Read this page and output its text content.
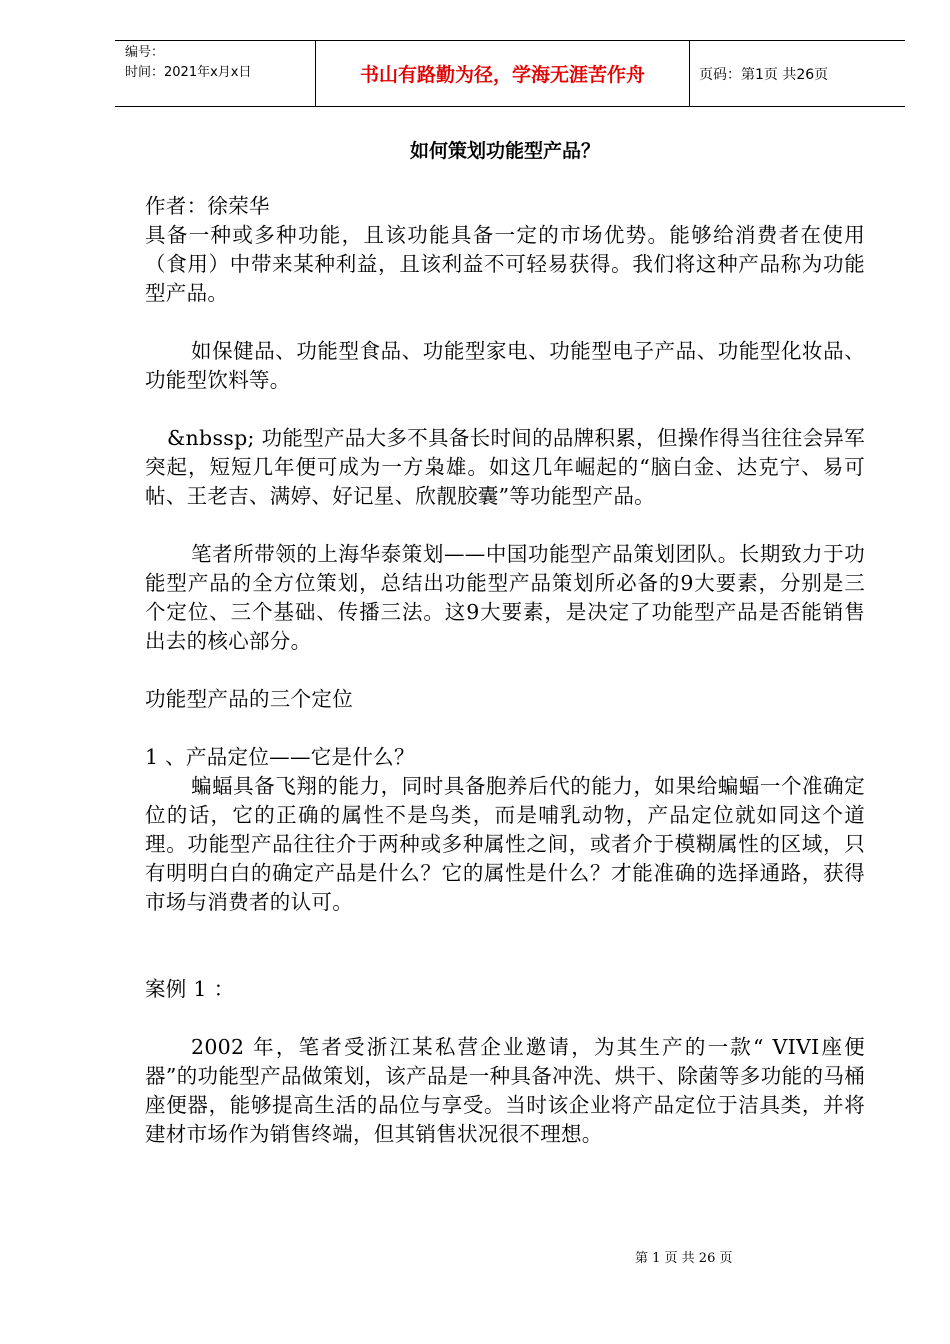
编号：
时间：2021年x月x日	书山有路勤为径，学海无涯苦作舟	页码：第1页 共26页
如何策划功能型产品？

作者：徐荣华

具备一种或多种功能，且该功能具备一定的市场优势。能够给消费者在使用（食用）中带来某种利益，且该利益不可轻易获得。我们将这种产品称为功能型产品。

如保健品、功能型食品、功能型家电、功能型电子产品、功能型化妆品、功能型饮料等。

&nbssp; 功能型产品大多不具备长时间的品牌积累，但操作得当往往会异军突起，短短几年便可成为一方枭雄。如这几年崛起的“脑白金、达克宁、易可帖、王老吉、满婷、好记星、欣靓胶囊”等功能型产品。

笔者所带领的上海华泰策划——中国功能型产品策划团队。长期致力于功能型产品的全方位策划，总结出功能型产品策划所必备的9大要素，分别是三个定位、三个基础、传播三法。这9大要素，是决定了功能型产品是否能销售出去的核心部分。

功能型产品的三个定位

1 、产品定位——它是什么？

蝙蝠具备飞翔的能力，同时具备胞养后代的能力，如果给蝙蝠一个准确定位的话，它的正确的属性不是鸟类，而是哺乳动物，产品定位就如同这个道理。功能型产品往往介于两种或多种属性之间，或者介于模糊属性的区域，只有明明白白的确定产品是什么？它的属性是什么？才能准确的选择通路，获得市场与消费者的认可。

案例 1 ：

2002 年，笔者受浙江某私营企业邀请，为其生产的一款“ VIVI座便器”的功能型产品做策划，该产品是一种具备冲洗、烘干、除菌等多功能的马桶座便器，能够提高生活的品位与享受。当时该企业将产品定位于洁具类，并将建材市场作为销售终端，但其销售状况很不理想。

第 1 页 共 26 页
